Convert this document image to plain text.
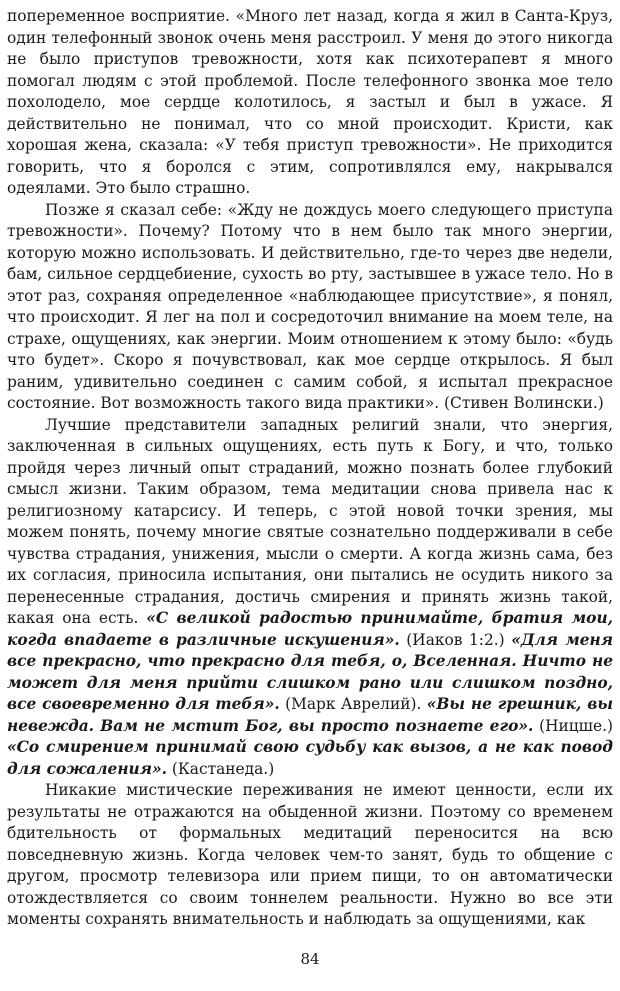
попеременное восприятие. «Много лет назад, когда я жил в Санта-Круз, один телефонный звонок очень меня расстроил. У меня до этого никогда не было приступов тревожности, хотя как психотерапевт я много помогал людям с этой проблемой. После телефонного звонка мое тело похолодело, мое сердце колотилось, я застыл и был в ужасе. Я действительно не понимал, что со мной происходит. Кристи, как хорошая жена, сказала: «У тебя приступ тревожности». Не приходится говорить, что я боролся с этим, сопротивлялся ему, накрывался одеялами. Это было страшно.

Позже я сказал себе: «Жду не дождусь моего следующего приступа тревожности». Почему? Потому что в нем было так много энергии, которую можно использовать. И действительно, где-то через две недели, бам, сильное сердцебиение, сухость во рту, застывшее в ужасе тело. Но в этот раз, сохраняя определенное «наблюдающее присутствие», я понял, что происходит. Я лег на пол и сосредоточил внимание на моем теле, на страхе, ощущениях, как энергии. Моим отношением к этому было: «будь что будет». Скоро я почувствовал, как мое сердце открылось. Я был раним, удивительно соединен с самим собой, я испытал прекрасное состояние. Вот возможность такого вида практики». (Стивен Волински.)

Лучшие представители западных религий знали, что энергия, заключенная в сильных ощущениях, есть путь к Богу, и что, только пройдя через личный опыт страданий, можно познать более глубокий смысл жизни. Таким образом, тема медитации снова привела нас к религиозному катарсису. И теперь, с этой новой точки зрения, мы можем понять, почему многие святые сознательно поддерживали в себе чувства страдания, унижения, мысли о смерти. А когда жизнь сама, без их согласия, приносила испытания, они пытались не осудить никого за перенесенные страдания, достичь смирения и принять жизнь такой, какая она есть. «С великой радостью принимайте, братия мои, когда впадаете в различные искушения». (Иаков 1:2.) «Для меня все прекрасно, что прекрасно для тебя, о, Вселенная. Ничто не может для меня прийти слишком рано или слишком поздно, все своевременно для тебя». (Марк Аврелий). «Вы не грешник, вы невежда. Вам не мстит Бог, вы просто познаете его». (Ницше.) «Со смирением принимай свою судьбу как вызов, а не как повод для сожаления». (Кастанеда.)

Никакие мистические переживания не имеют ценности, если их результаты не отражаются на обыденной жизни. Поэтому со временем бдительность от формальных медитаций переносится на всю повседневную жизнь. Когда человек чем-то занят, будь то общение с другом, просмотр телевизора или прием пищи, то он автоматически отождествляется со своим тоннелем реальности. Нужно во все эти моменты сохранять внимательность и наблюдать за ощущениями, как

84
